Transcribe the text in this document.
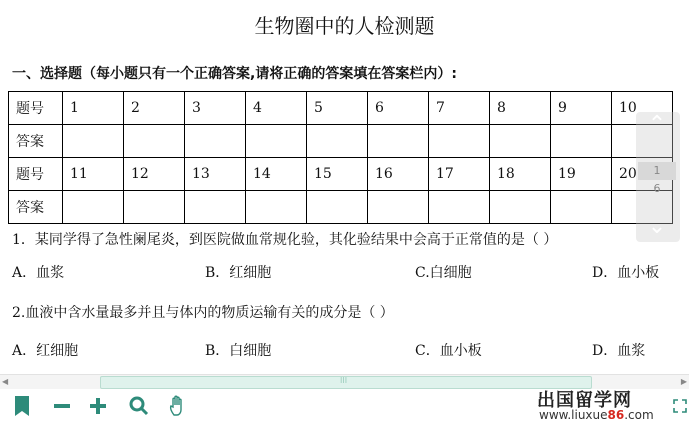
生物圈中的人检测题
一、选择题（每小题只有一个正确答案,请将正确的答案填在答案栏内）:
题号	1	2	3	4	5	6	7	8	9	10
答案										
题号	11	12	13	14	15	16	17	18	19	20
答案										
1．某同学得了急性阑尾炎，到医院做血常规化验，其化验结果中会高于正常值的是（ ）
A．血浆	B．红细胞	C.白细胞	D．血小板
2.血液中含水量最多并且与体内的物质运输有关的成分是（ ）
A．红细胞	B．白细胞	C．血小板	D．血浆
⌃
1
6
⌄
◀	III	▶
出国留学网
www.liuxue86.com
